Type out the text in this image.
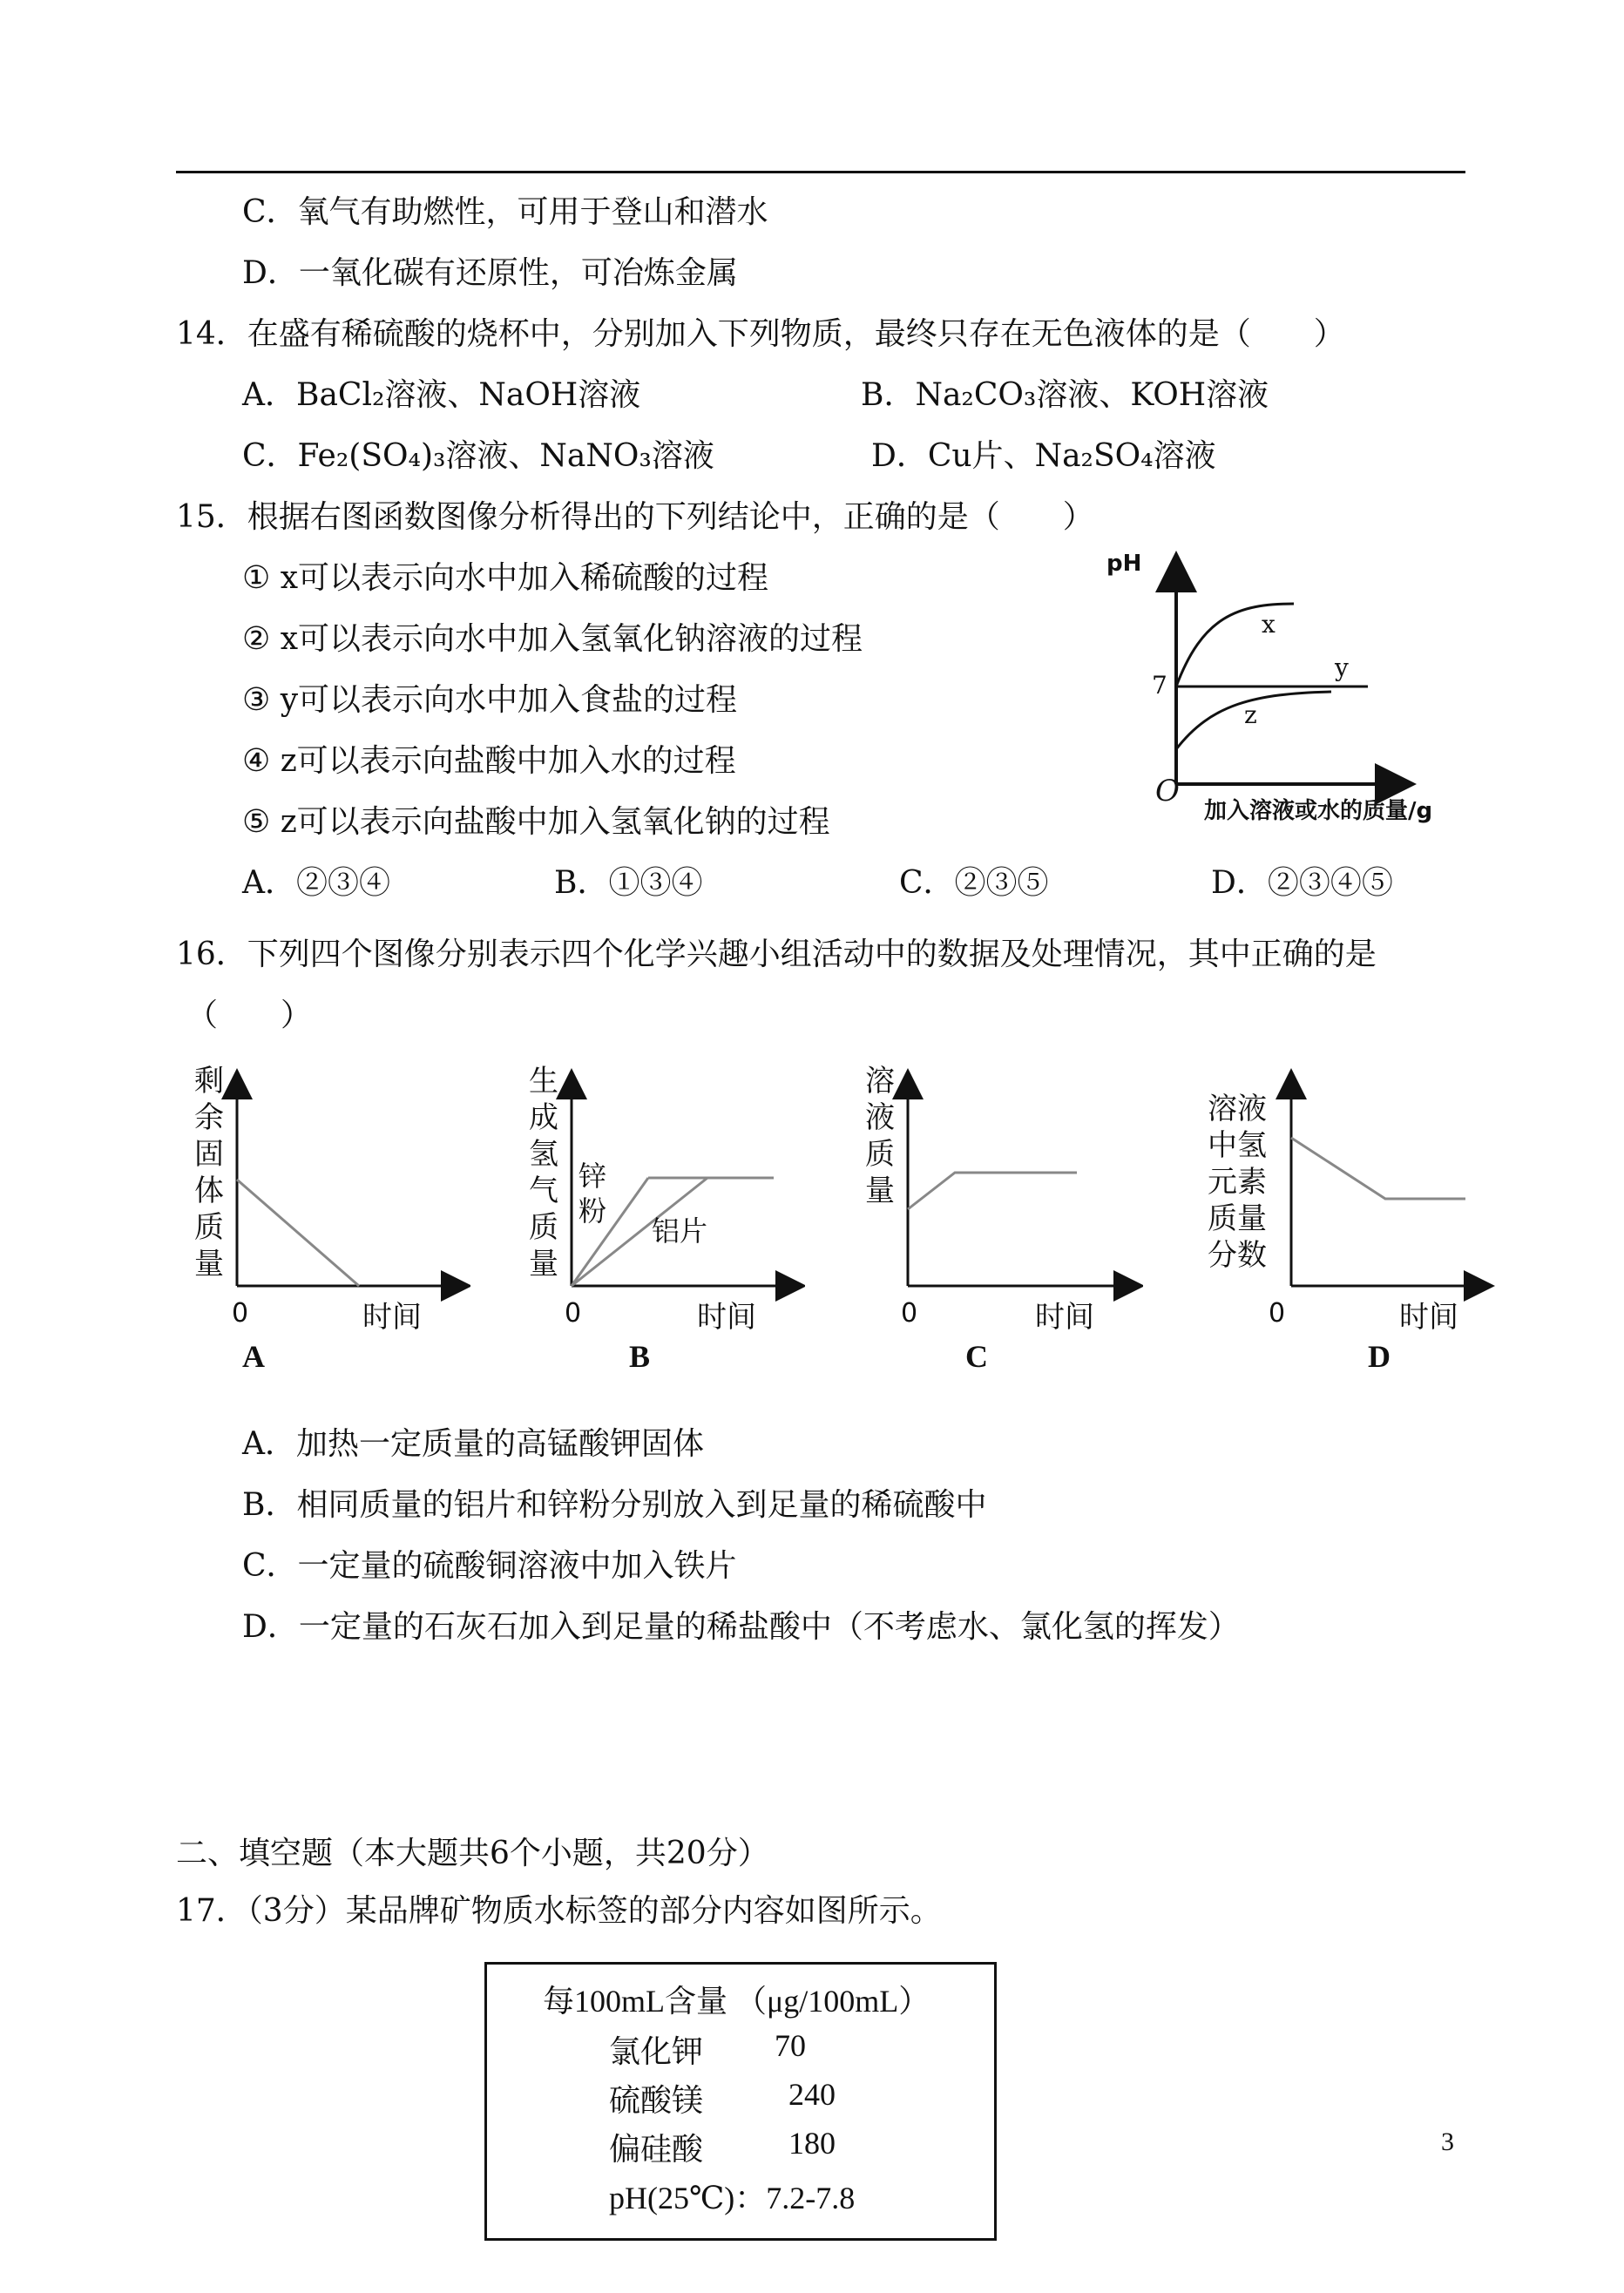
C．氧气有助燃性，可用于登山和潜水
D．一氧化碳有还原性，可冶炼金属
14．在盛有稀硫酸的烧杯中，分别加入下列物质，最终只存在无色液体的是（　　）
A．BaCl₂溶液、NaOH溶液	B．Na₂CO₃溶液、KOH溶液
C．Fe₂(SO₄)₃溶液、NaNO₃溶液	D．Cu片、Na₂SO₄溶液
15．根据右图函数图像分析得出的下列结论中，正确的是（　　）
① x可以表示向水中加入稀硫酸的过程
② x可以表示向水中加入氢氧化钠溶液的过程
③ y可以表示向水中加入食盐的过程
④ z可以表示向盐酸中加入水的过程
⑤ z可以表示向盐酸中加入氢氧化钠的过程
A．②③④	B．①③④	C．②③⑤	D．②③④⑤
pH
7
x
y
z
O
加入溶液或水的质量/g
16．下列四个图像分别表示四个化学兴趣小组活动中的数据及处理情况，其中正确的是
（　　）
剩
余
固
体
质
量
0	时间
A
生
成
氢
气
质
量
锌
粉
铝片
0	时间
B
溶
液
质
量
0	时间
C
溶液
中氢
元素
质量
分数
0	时间
D
A．加热一定质量的高锰酸钾固体
B．相同质量的铝片和锌粉分别放入到足量的稀硫酸中
C．一定量的硫酸铜溶液中加入铁片
D．一定量的石灰石加入到足量的稀盐酸中（不考虑水、氯化氢的挥发）
二、填空题（本大题共6个小题，共20分）
17．（3分）某品牌矿物质水标签的部分内容如图所示。
每100mL含量 （μg/100mL）
氯化钾 70
硫酸镁	240
偏硅酸	180
pH(25℃)：7.2-7.8
3
